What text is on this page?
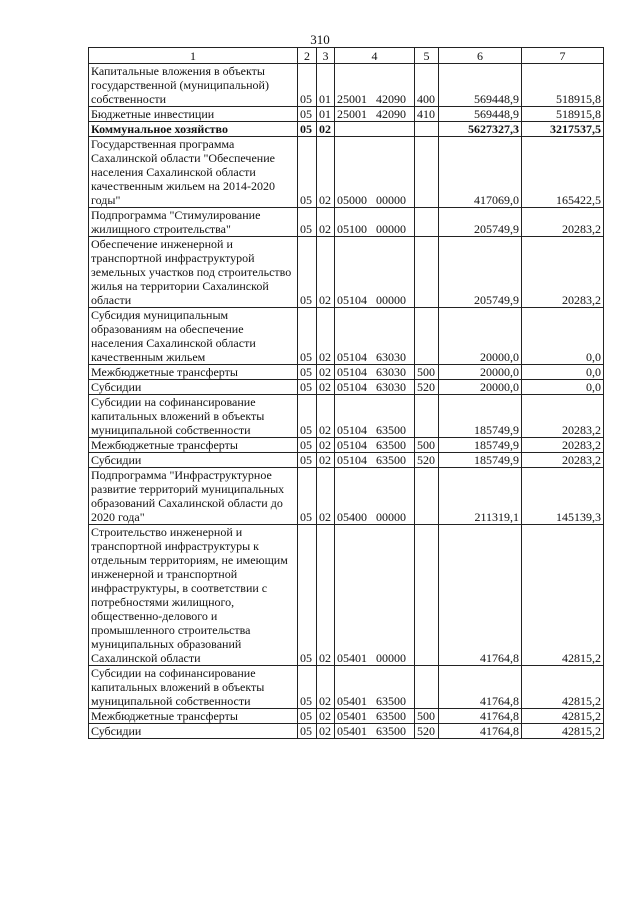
310
1	2	3	4	5	6	7
Капитальные вложения в объекты государственной (муниципальной) собственности	05	01	25001 42090	400	569448,9	518915,8
Бюджетные инвестиции	05	01	25001 42090	410	569448,9	518915,8
Коммунальное хозяйство	05	02			5627327,3	3217537,5
Государственная программа Сахалинской области "Обеспечение населения Сахалинской области качественным жильем на 2014-2020 годы"	05	02	05000 00000		417069,0	165422,5
Подпрограмма "Стимулирование жилищного строительства"	05	02	05100 00000		205749,9	20283,2
Обеспечение инженерной и транспортной инфраструктурой земельных участков под строительство жилья на территории Сахалинской области	05	02	05104 00000		205749,9	20283,2
Субсидия муниципальным образованиям на обеспечение населения Сахалинской области качественным жильем	05	02	05104 63030		20000,0	0,0
Межбюджетные трансферты	05	02	05104 63030	500	20000,0	0,0
Субсидии	05	02	05104 63030	520	20000,0	0,0
Субсидии на софинансирование капитальных вложений в объекты муниципальной собственности	05	02	05104 63500		185749,9	20283,2
Межбюджетные трансферты	05	02	05104 63500	500	185749,9	20283,2
Субсидии	05	02	05104 63500	520	185749,9	20283,2
Подпрограмма "Инфраструктурное развитие территорий муниципальных образований Сахалинской области до 2020 года"	05	02	05400 00000		211319,1	145139,3
Строительство инженерной и транспортной инфраструктуры к отдельным территориям, не имеющим инженерной и транспортной инфраструктуры, в соответствии с потребностями жилищного, общественно-делового и промышленного строительства муниципальных образований Сахалинской области	05	02	05401 00000		41764,8	42815,2
Субсидии на софинансирование капитальных вложений в объекты муниципальной собственности	05	02	05401 63500		41764,8	42815,2
Межбюджетные трансферты	05	02	05401 63500	500	41764,8	42815,2
Субсидии	05	02	05401 63500	520	41764,8	42815,2
